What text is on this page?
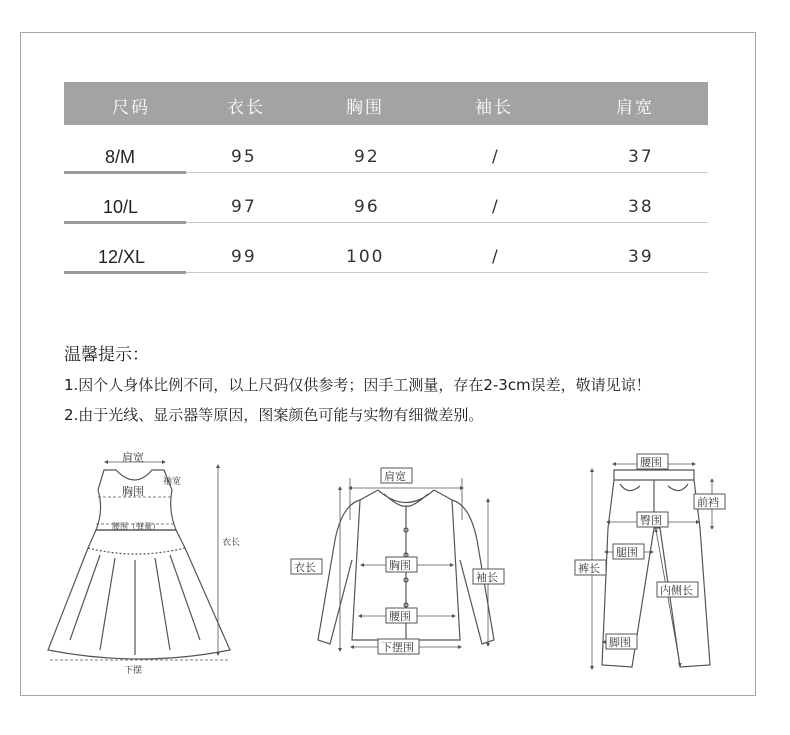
尺码	衣长	胸围	袖长	肩宽
8/M	95	92	/	37
10/L	97	96	/	38
12/XL	99	100	/	39
温馨提示：
1.因个人身体比例不同，以上尺码仅供参考；因手工测量，存在2-3cm误差，敬请见谅！
2.由于光线、显示器等原因，图案颜色可能与实物有细微差别。
肩宽
袖宽
胸围
腰围（弹量）
衣长
下摆
肩宽
衣长	胸围
袖长
腰围
下摆围
腰围
前裆
臀围
裤长
腿围
内侧长
脚围
